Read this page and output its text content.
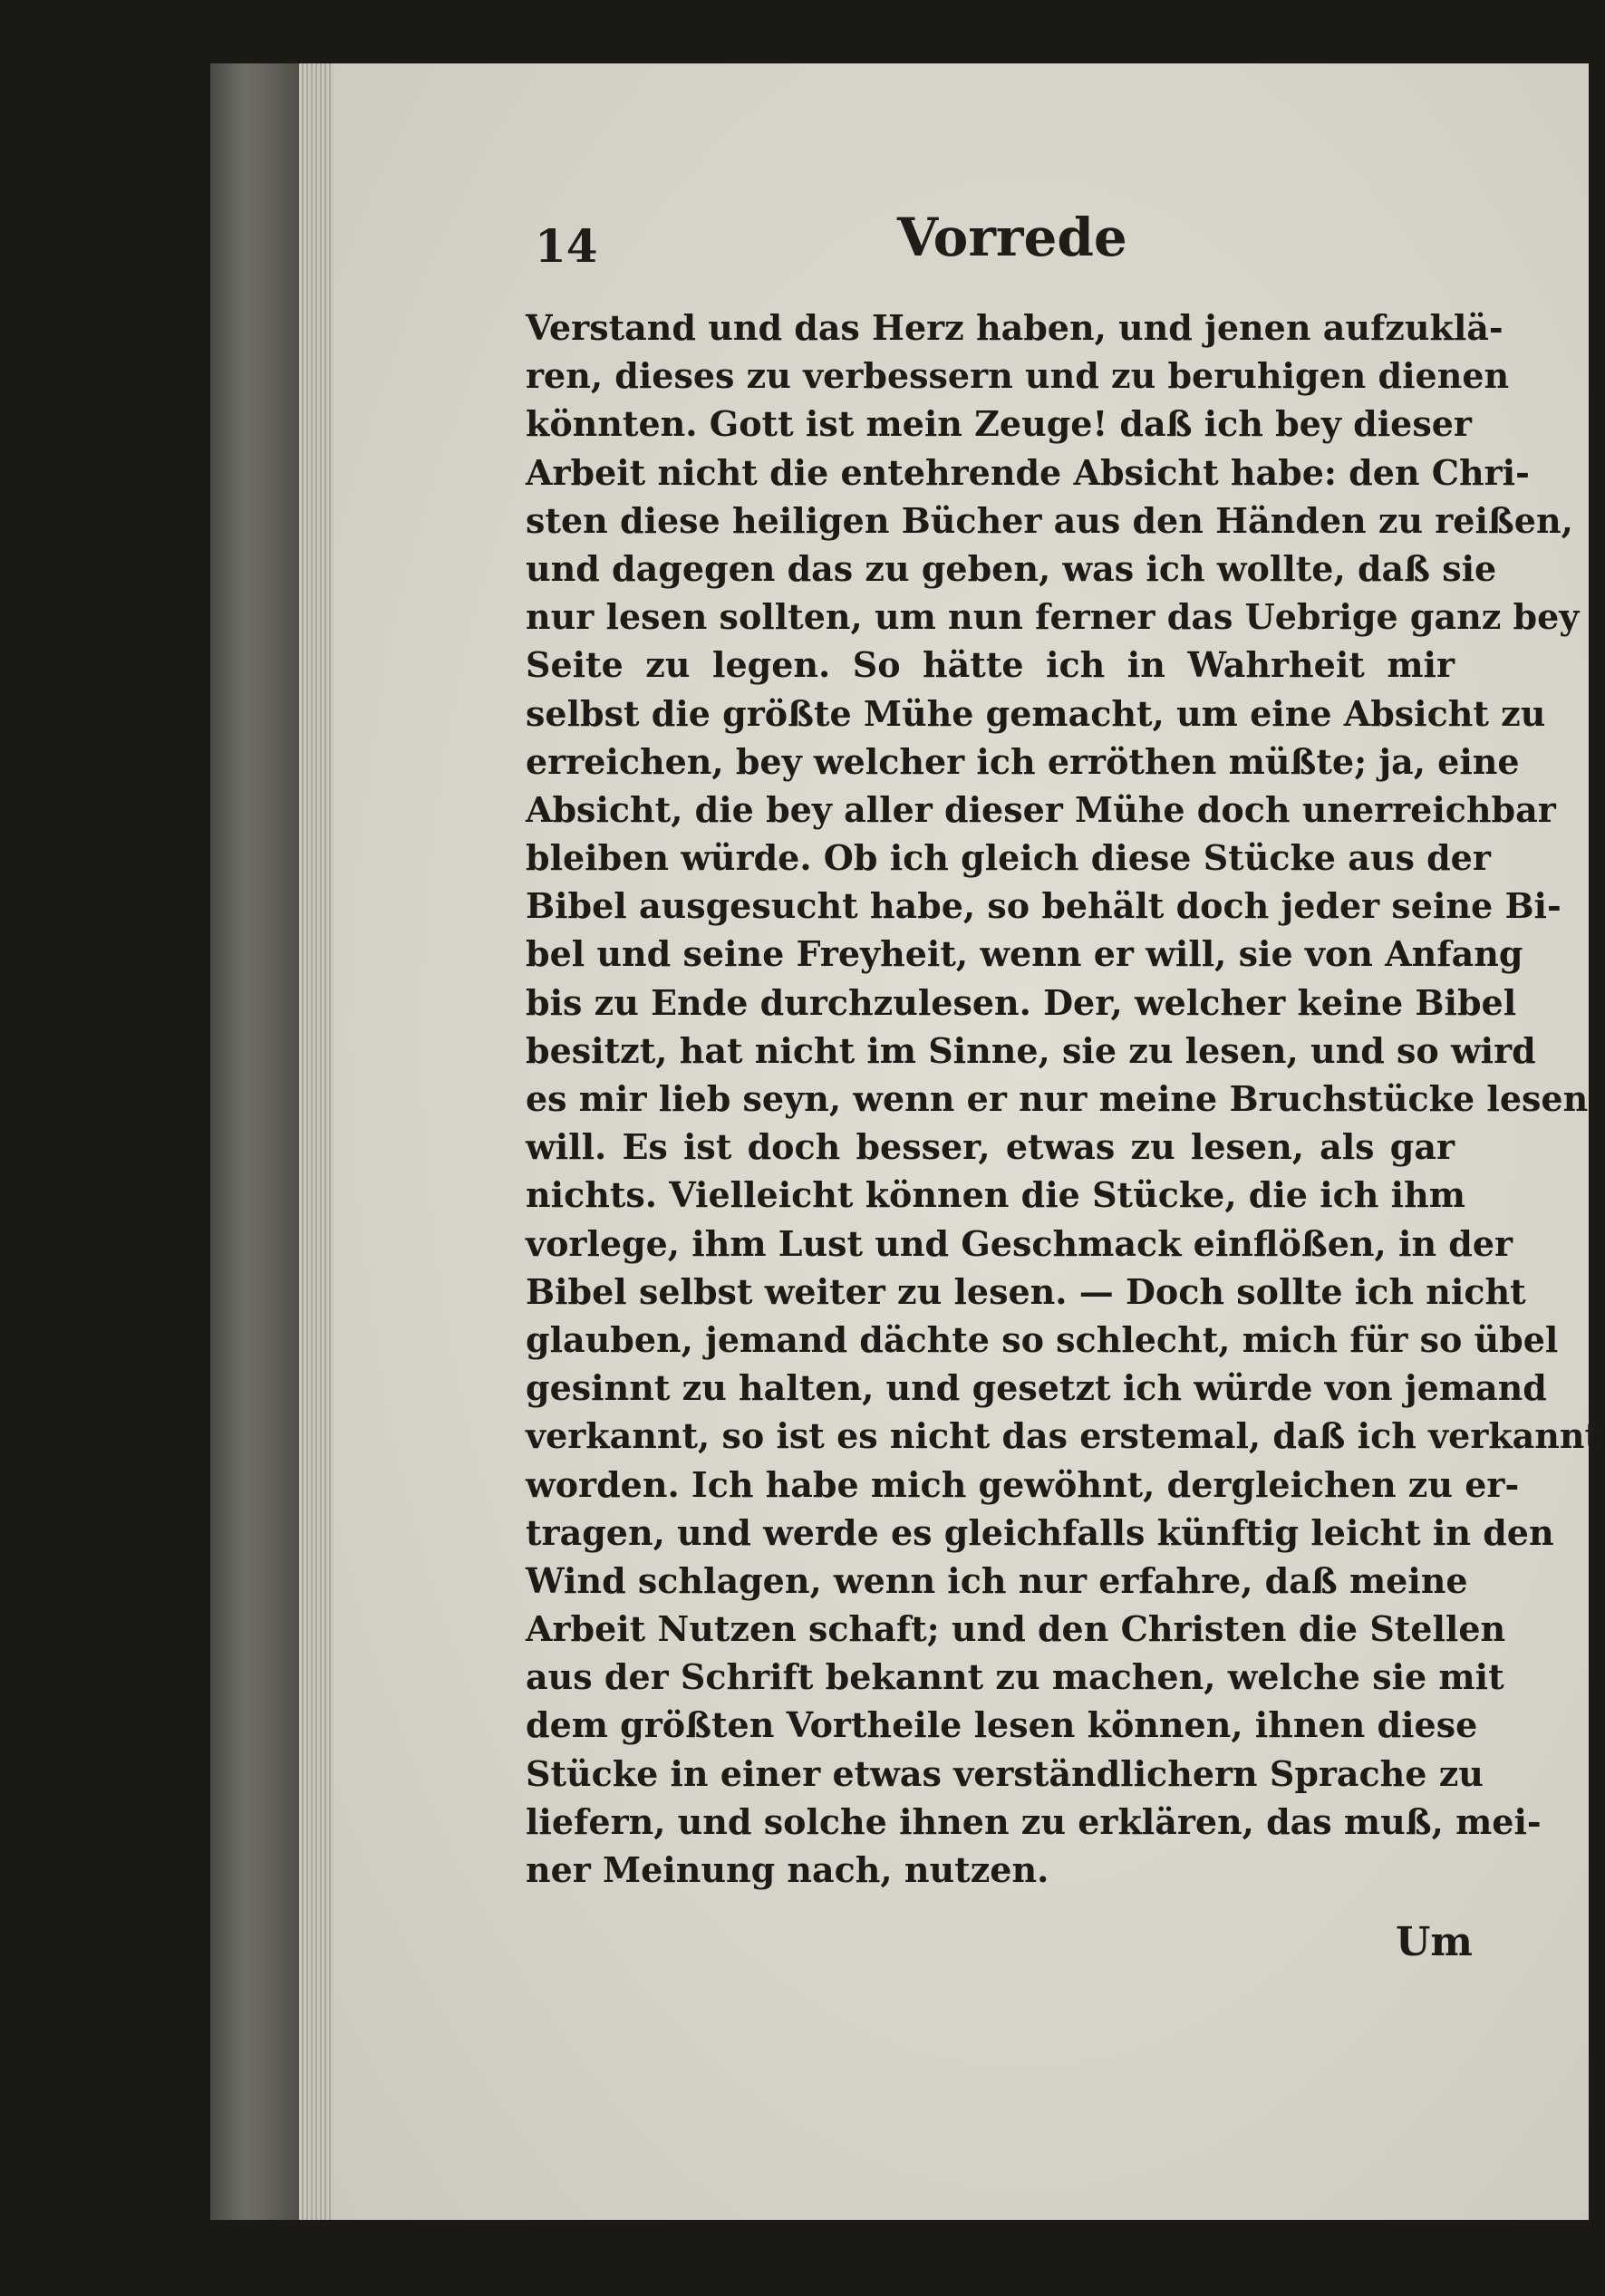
14	Vorrede
Verstand und das Herz haben, und jenen aufzuklä-
ren, dieses zu verbessern und zu beruhigen dienen
könnten. Gott ist mein Zeuge! daß ich bey dieser
Arbeit nicht die entehrende Absicht habe: den Chri-
sten diese heiligen Bücher aus den Händen zu reißen,
und dagegen das zu geben, was ich wollte, daß sie
nur lesen sollten, um nun ferner das Uebrige ganz bey
Seite zu legen. So hätte ich in Wahrheit mir
selbst die größte Mühe gemacht, um eine Absicht zu
erreichen, bey welcher ich erröthen müßte; ja, eine
Absicht, die bey aller dieser Mühe doch unerreichbar
bleiben würde. Ob ich gleich diese Stücke aus der
Bibel ausgesucht habe, so behält doch jeder seine Bi-
bel und seine Freyheit, wenn er will, sie von Anfang
bis zu Ende durchzulesen. Der, welcher keine Bibel
besitzt, hat nicht im Sinne, sie zu lesen, und so wird
es mir lieb seyn, wenn er nur meine Bruchstücke lesen
will. Es ist doch besser, etwas zu lesen, als gar
nichts. Vielleicht können die Stücke, die ich ihm
vorlege, ihm Lust und Geschmack einflößen, in der
Bibel selbst weiter zu lesen. — Doch sollte ich nicht
glauben, jemand dächte so schlecht, mich für so übel
gesinnt zu halten, und gesetzt ich würde von jemand
verkannt, so ist es nicht das erstemal, daß ich verkannt
worden. Ich habe mich gewöhnt, dergleichen zu er-
tragen, und werde es gleichfalls künftig leicht in den
Wind schlagen, wenn ich nur erfahre, daß meine
Arbeit Nutzen schaft; und den Christen die Stellen
aus der Schrift bekannt zu machen, welche sie mit
dem größten Vortheile lesen können, ihnen diese
Stücke in einer etwas verständlichern Sprache zu
liefern, und solche ihnen zu erklären, das muß, mei-
ner Meinung nach, nutzen.
Um
